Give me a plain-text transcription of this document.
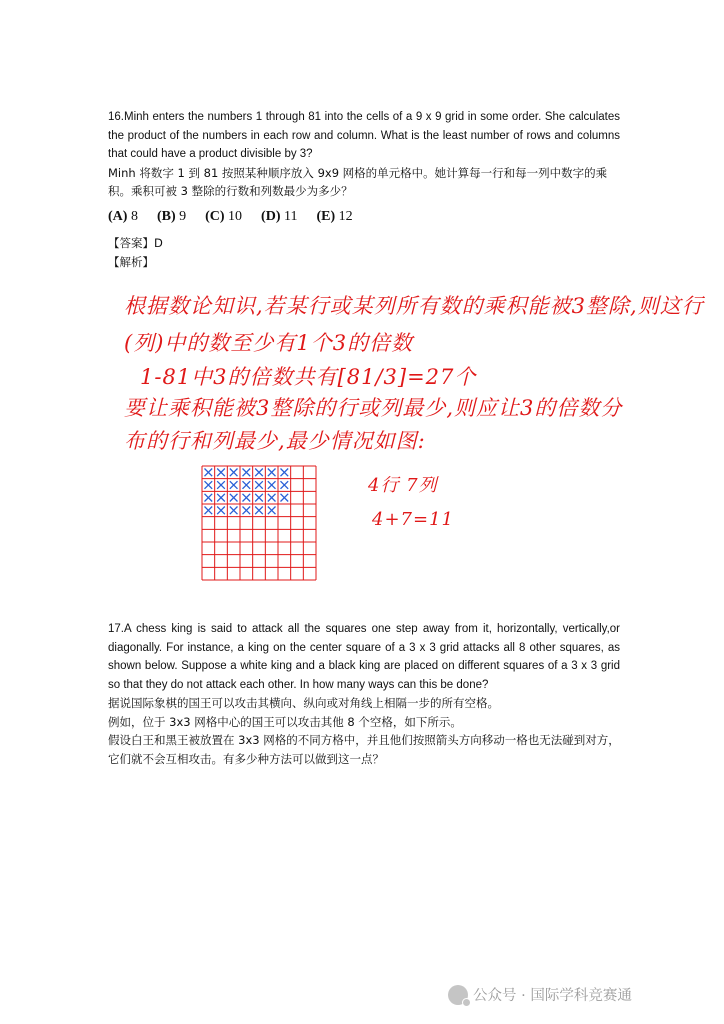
16.Minh enters the numbers 1 through 81 into the cells of a 9 x 9 grid in some order. She calculates the product of the numbers in each row and column. What is the least number of rows and columns that could have a product divisible by 3?

Minh 将数字 1 到 81 按照某种顺序放入 9x9 网格的单元格中。她计算每一行和每一列中数字的乘积。乘积可被 3 整除的行数和列数最少为多少？

(A) 8 (B) 9 (C) 10 (D) 11 (E) 12
【答案】D
【解析】
根据数论知识,若某行或某列所有数的乘积能被3整除,则这行
(列)中的数至少有1个3的倍数
1-81中3的倍数共有[81/3]=27个
要让乘积能被3整除的行或列最少,则应让3的倍数分
布的行和列最少,最少情况如图:
4行 7列
4+7=11

17.A chess king is said to attack all the squares one step away from it, horizontally, vertically,or diagonally. For instance, a king on the center square of a 3 x 3 grid attacks all 8 other squares, as shown below. Suppose a white king and a black king are placed on different squares of a 3 x 3 grid so that they do not attack each other. In how many ways can this be done?

据说国际象棋的国王可以攻击其横向、纵向或对角线上相隔一步的所有空格。

例如，位于 3x3 网格中心的国王可以攻击其他 8 个空格，如下所示。

假设白王和黑王被放置在 3x3 网格的不同方格中，并且他们按照箭头方向移动一格也无法碰到对方，它们就不会互相攻击。有多少种方法可以做到这一点？

公众号 · 国际学科竞赛通
